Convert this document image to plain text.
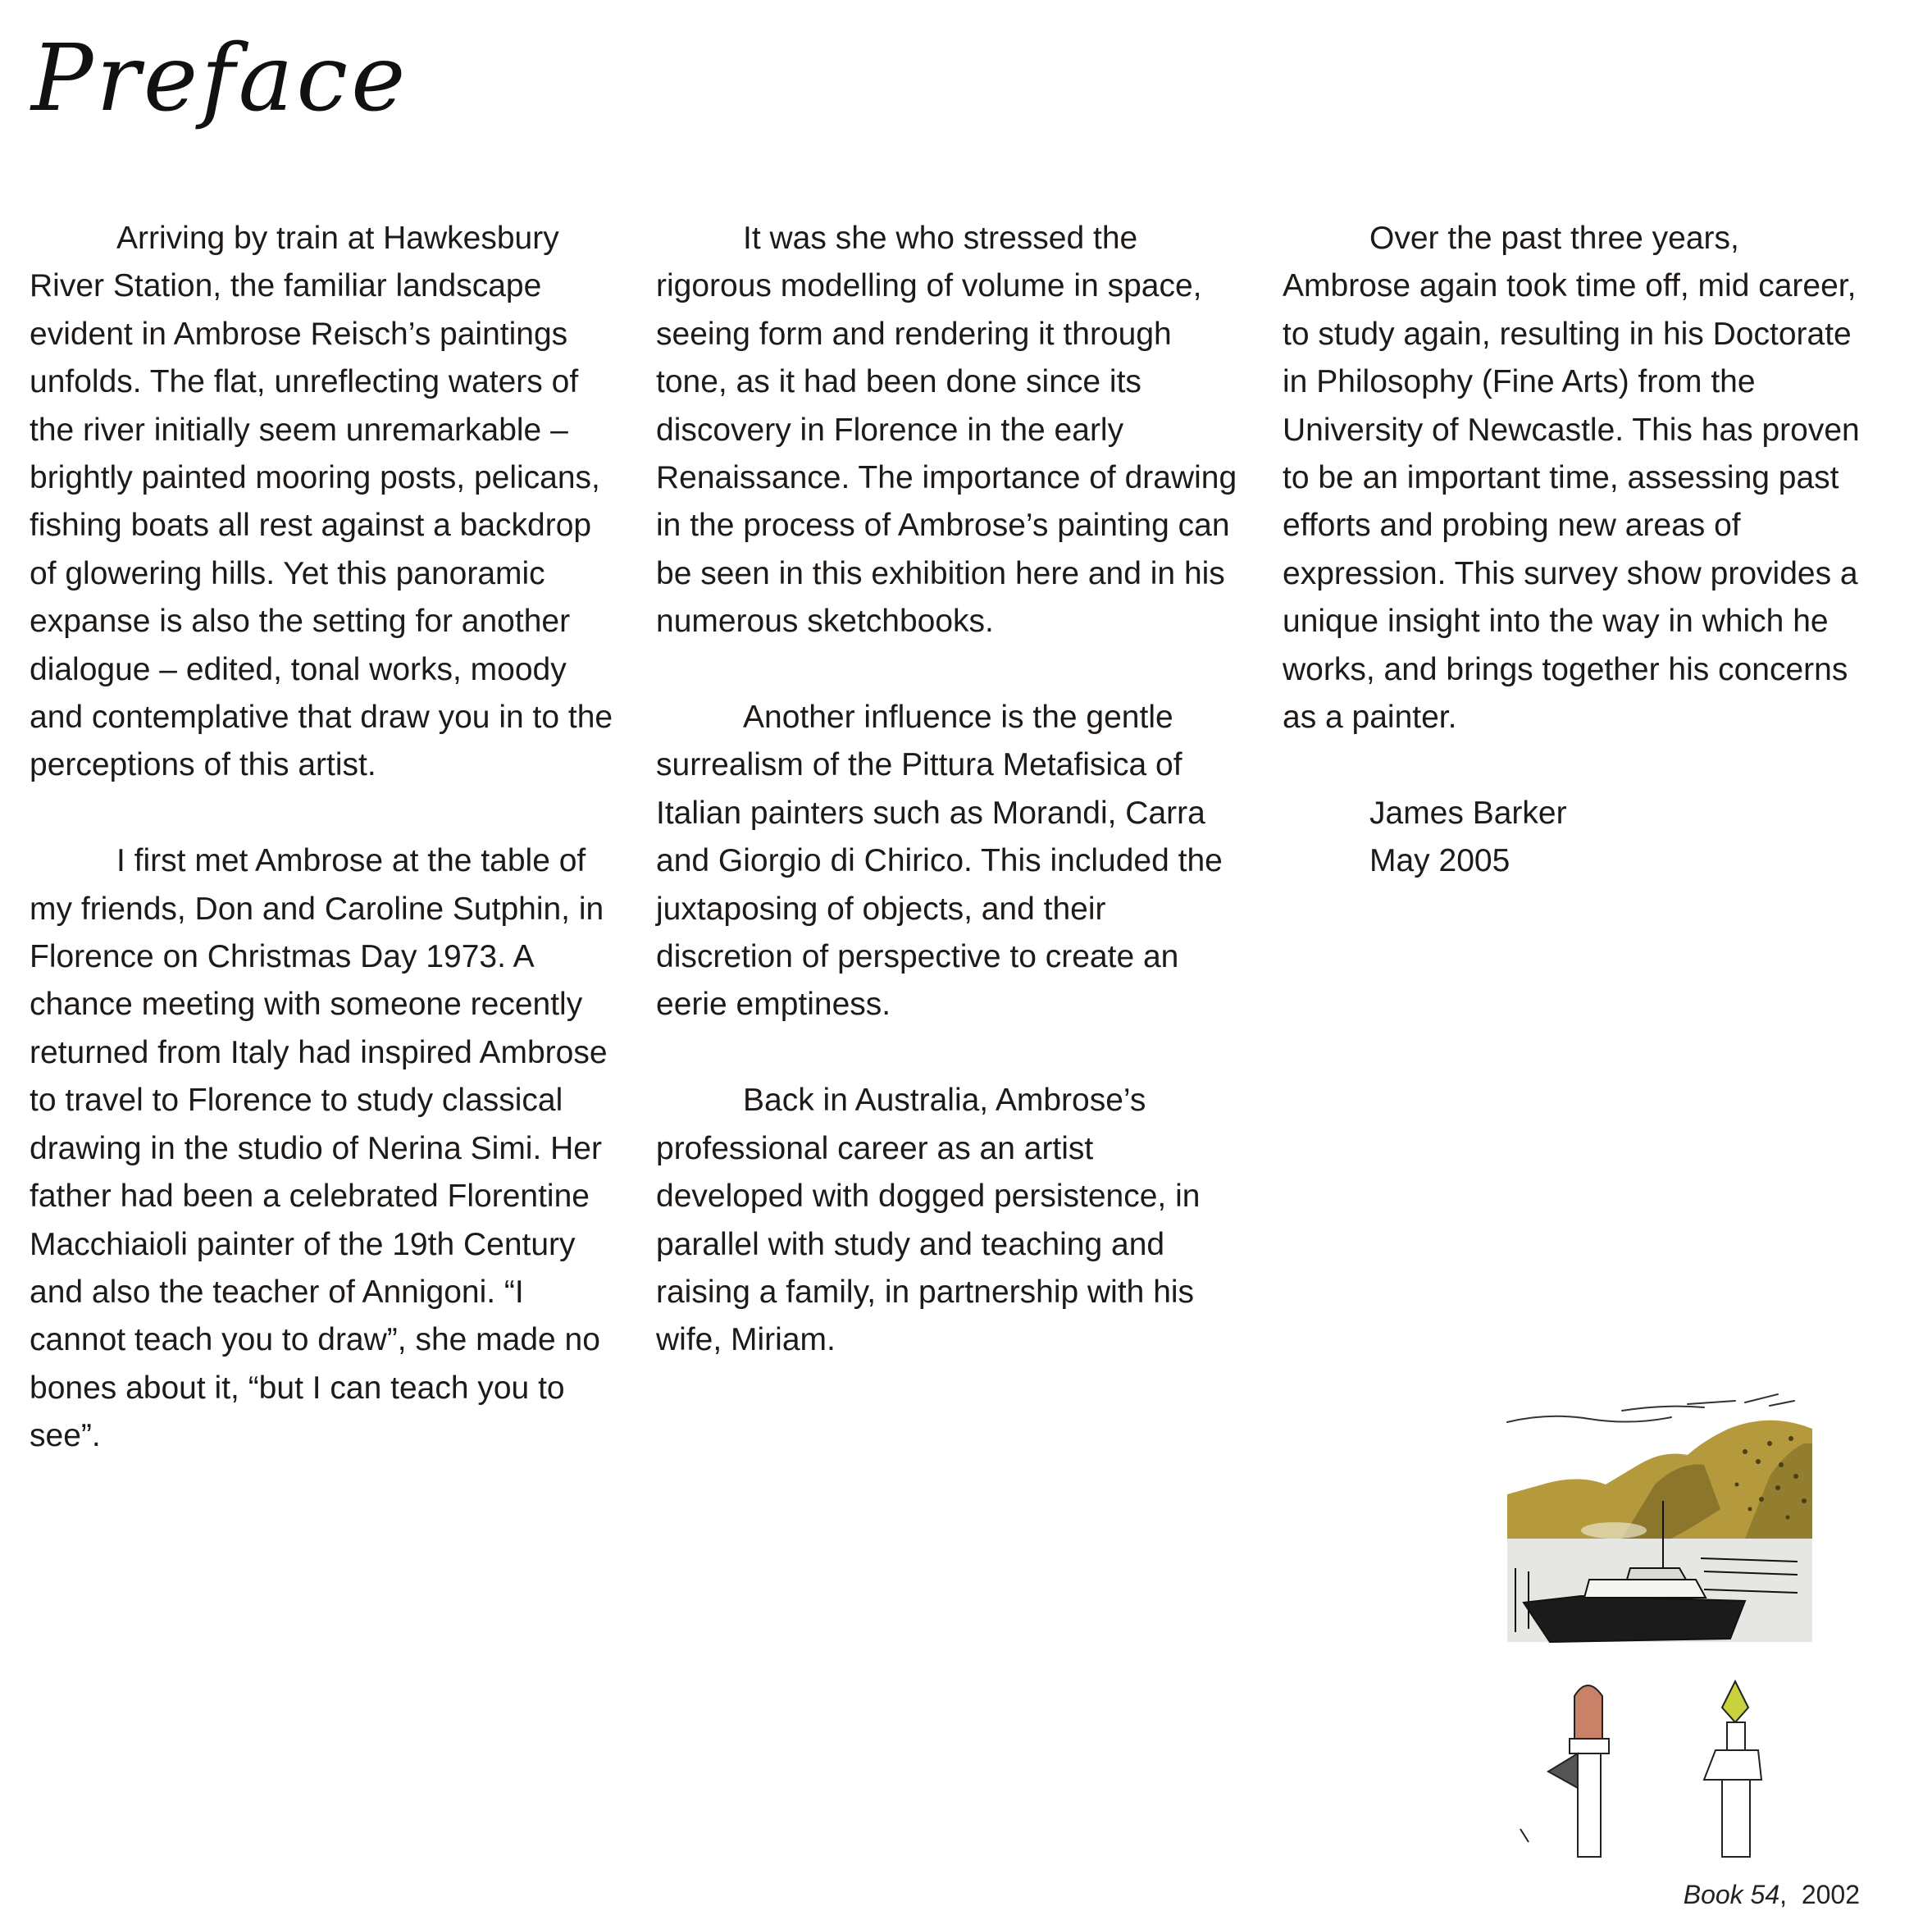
Preface

Arriving by train at Hawkesbury River Station, the familiar landscape evident in Ambrose Reisch’s paintings unfolds. The flat, unreflecting waters of the river initially seem unremarkable – brightly painted mooring posts, pelicans, fishing boats all rest against a backdrop of glowering hills. Yet this panoramic expanse is also the setting for another dialogue – edited, tonal works, moody and contemplative that draw you in to the perceptions of this artist.

I first met Ambrose at the table of my friends, Don and Caroline Sutphin, in Florence on Christmas Day 1973. A chance meeting with someone recently returned from Italy had inspired Ambrose to travel to Florence to study classical drawing in the studio of Nerina Simi. Her father had been a celebrated Florentine Macchiaioli painter of the 19th Century and also the teacher of Annigoni. “I cannot teach you to draw”, she made no bones about it, “but I can teach you to see”.

It was she who stressed the rigorous modelling of volume in space, seeing form and rendering it through tone, as it had been done since its discovery in Florence in the early Renaissance. The importance of drawing in the process of Ambrose’s painting can be seen in this exhibition here and in his numerous sketchbooks.

Another influence is the gentle surrealism of the Pittura Metafisica of Italian painters such as Morandi, Carra and Giorgio di Chirico. This included the juxtaposing of objects, and their discretion of perspective to create an eerie emptiness.

Back in Australia, Ambrose’s professional career as an artist developed with dogged persistence, in parallel with study and teaching and raising a family, in partnership with his wife, Miriam.

Over the past three years, Ambrose again took time off, mid career, to study again, resulting in his Doctorate in Philosophy (Fine Arts) from the University of Newcastle. This has proven to be an important time, assessing past efforts and probing new areas of expression. This survey show provides a unique insight into the way in which he works, and brings together his concerns as a painter.

James Barker
May 2005
Book 54,  2002
